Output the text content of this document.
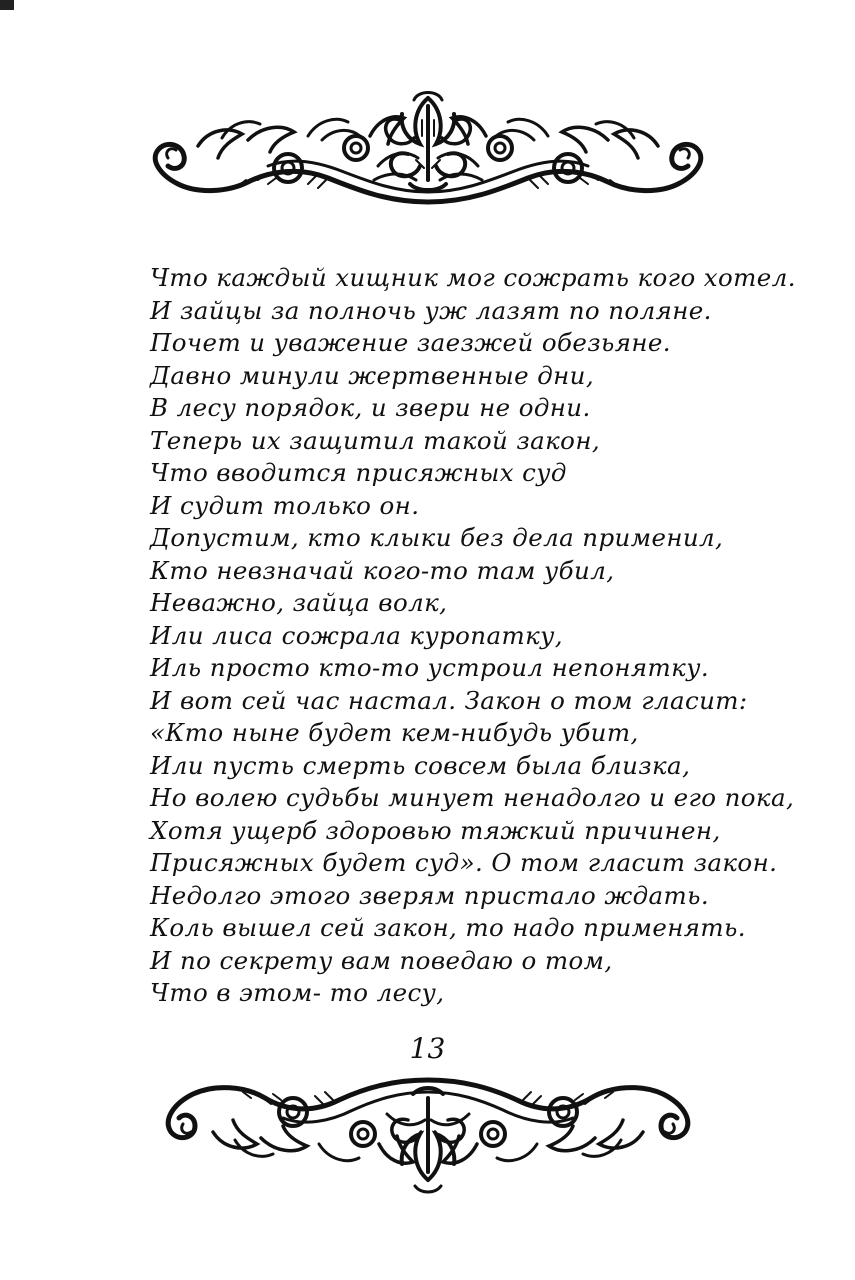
Что каждый хищник мог сожрать кого хотел.
И зайцы за полночь уж лазят по поляне.
Почет и уважение заезжей обезьяне.
Давно минули жертвенные дни,
В лесу порядок, и звери не одни.
Теперь их защитил такой закон,
Что вводится присяжных суд
И судит только он.
Допустим, кто клыки без дела применил,
Кто невзначай кого-то там убил,
Неважно, зайца волк,
Или лиса сожрала куропатку,
Иль просто кто-то устроил непонятку.
И вот сей час настал. Закон о том гласит:
«Кто ныне будет кем-нибудь убит,
Или пусть смерть совсем была близка,
Но волею судьбы минует ненадолго и его пока,
Хотя ущерб здоровью тяжкий причинен,
Присяжных будет суд». О том гласит закон.
Недолго этого зверям пристало ждать.
Коль вышел сей закон, то надо применять.
И по секрету вам поведаю о том,
Что в этом- то лесу,
13
